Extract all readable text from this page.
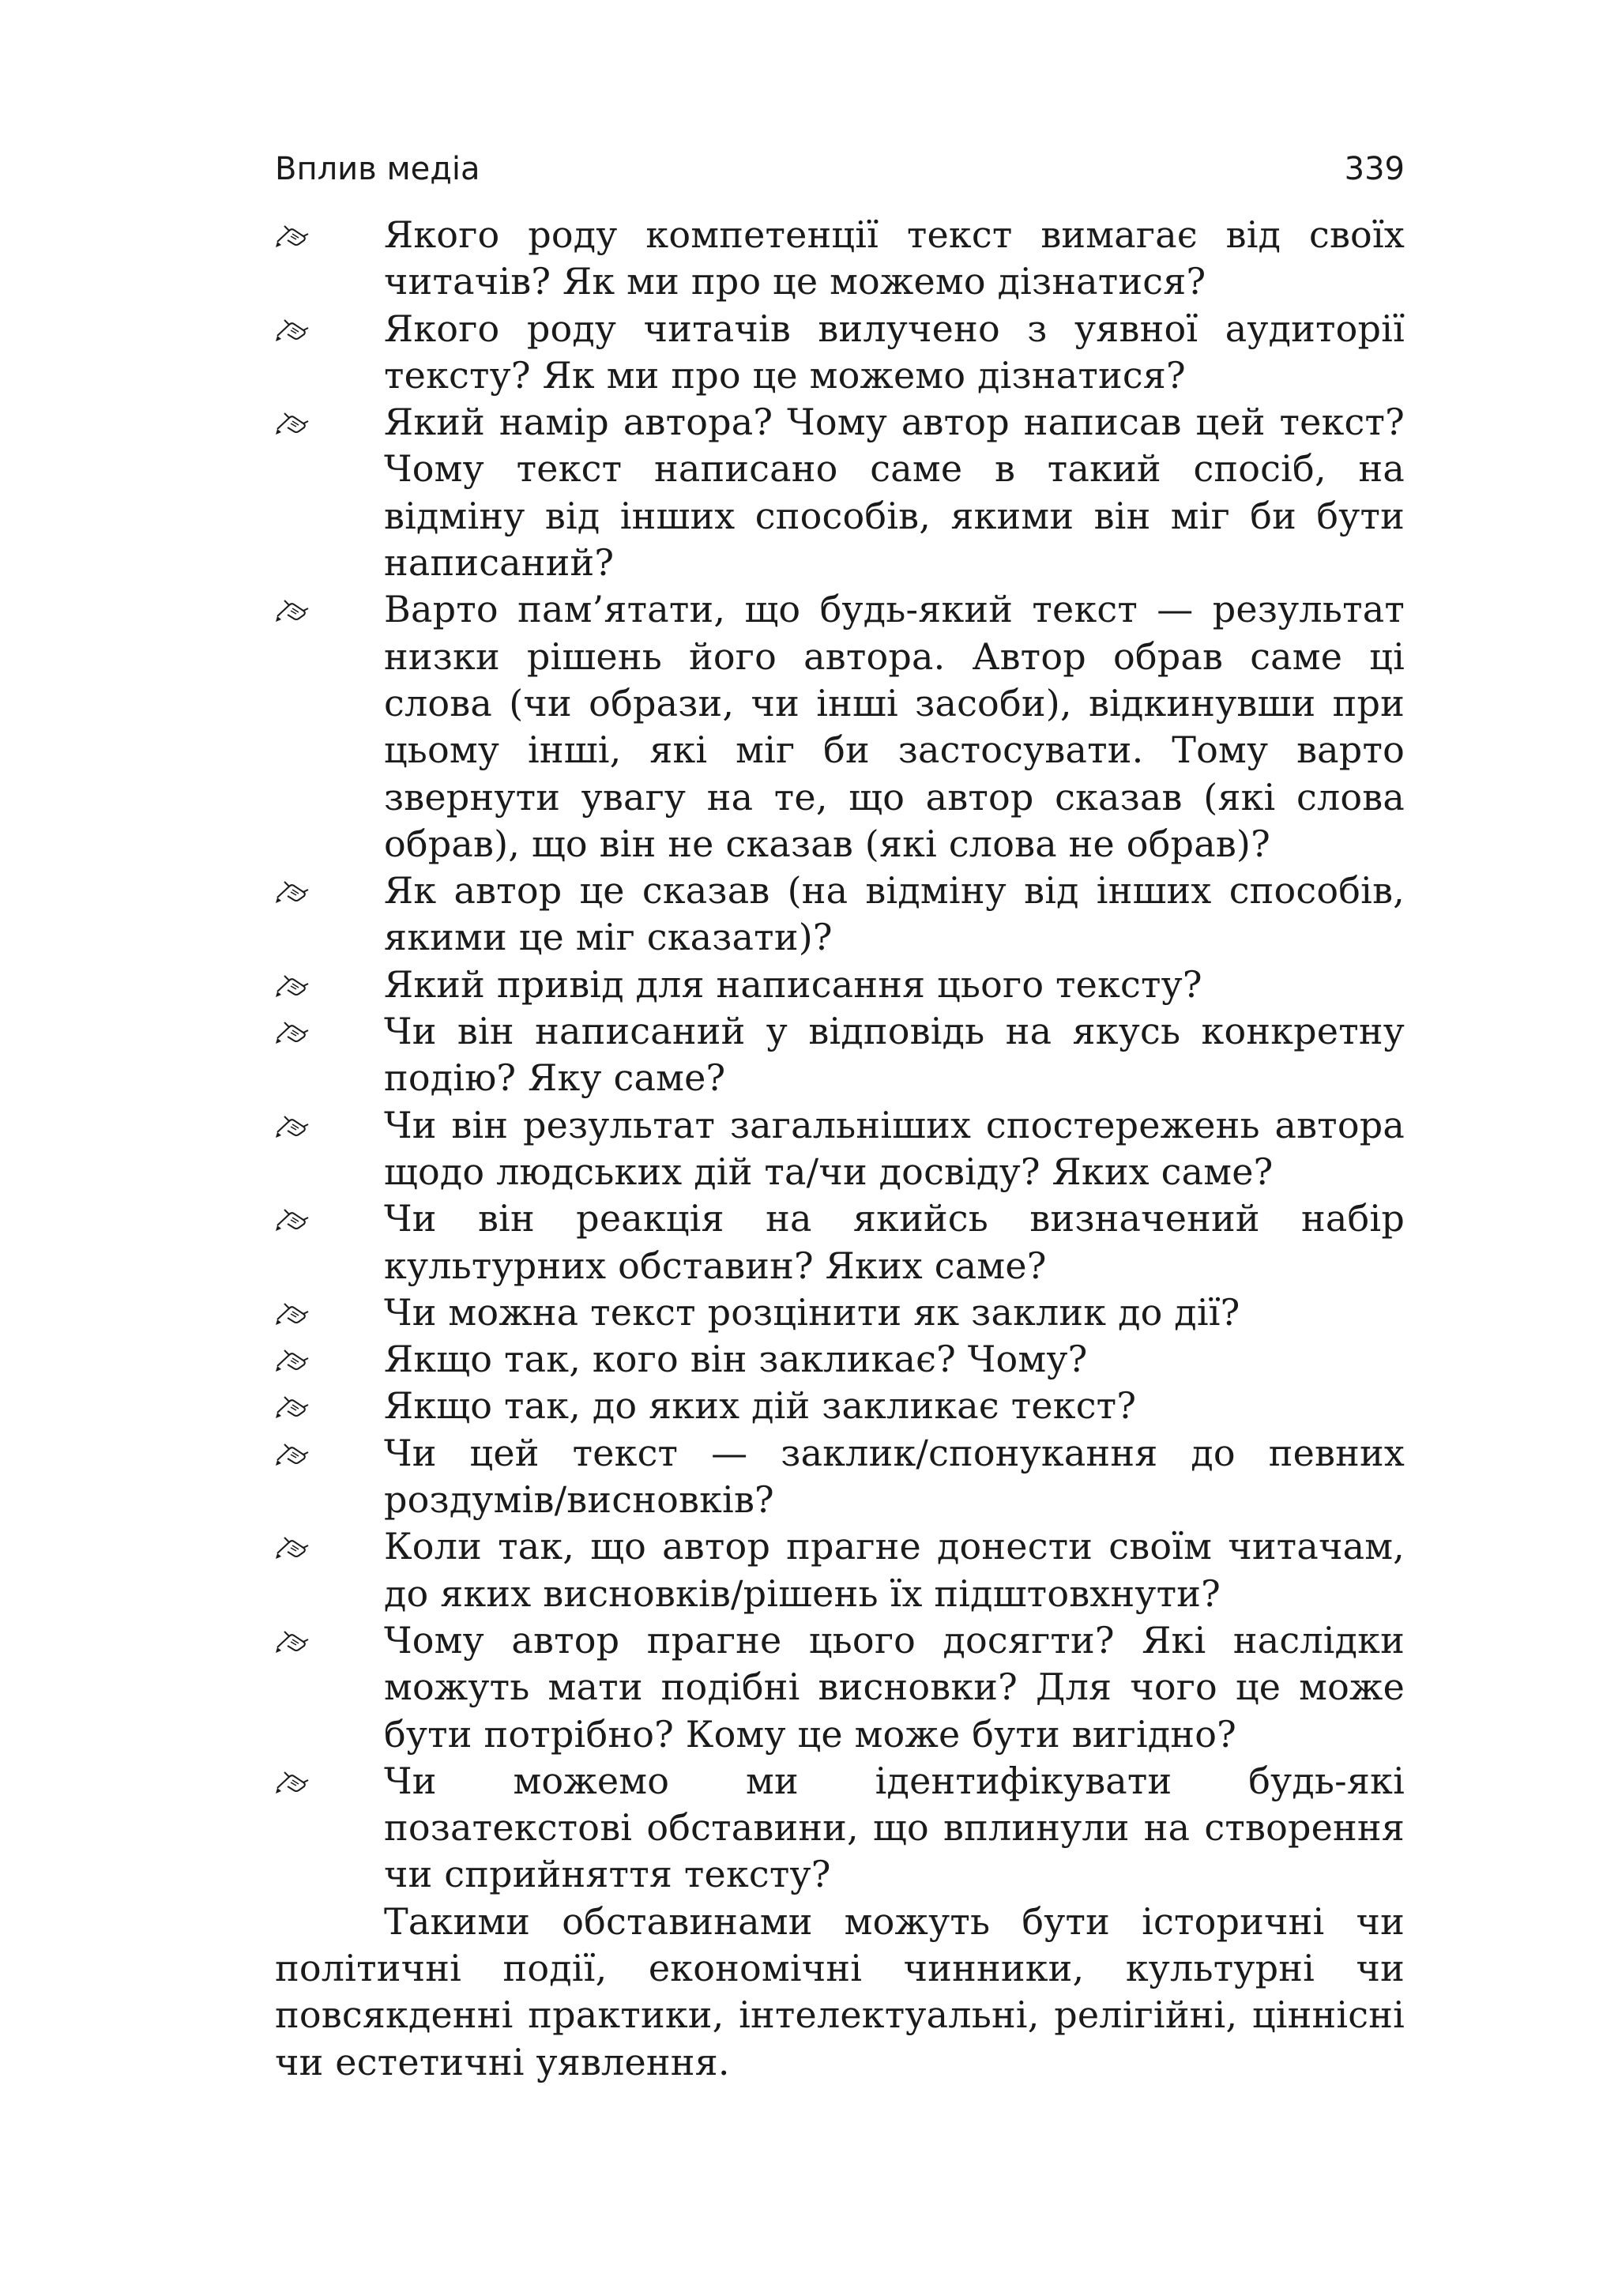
Вплив медіа	339
Якого роду компетенції текст вимагає від своїх читачів? Як ми про це можемо дізнатися?
Якого роду читачів вилучено з уявної аудиторії тексту? Як ми про це можемо дізнатися?
Який намір автора? Чому автор написав цей текст? Чому текст написано саме в такий спосіб, на відміну від інших способів, якими він міг би бути написаний?
Варто пам’ятати, що будь-який текст — результат низки рішень його автора. Автор обрав саме ці слова (чи образи, чи інші засоби), відкинувши при цьому інші, які міг би застосувати. Тому варто звернути увагу на те, що автор сказав (які слова обрав), що він не сказав (які слова не обрав)?
Як автор це сказав (на відміну від інших способів, якими це міг сказати)?
Який привід для написання цього тексту?
Чи він написаний у відповідь на якусь конкретну подію? Яку саме?
Чи він результат загальніших спостережень автора щодо людських дій та/чи досвіду? Яких саме?
Чи він реакція на якийсь визначений набір культурних обставин? Яких саме?
Чи можна текст розцінити як заклик до дії?
Якщо так, кого він закликає? Чому?
Якщо так, до яких дій закликає текст?
Чи цей текст — заклик/спонукання до певних роздумів/висновків?
Коли так, що автор прагне донести своїм читачам, до яких висновків/рішень їх підштовхнути?
Чому автор прагне цього досягти? Які наслідки можуть мати подібні висновки? Для чого це може бути потрібно? Кому це може бути вигідно?
Чи можемо ми ідентифікувати будь-які позатекстові обставини, що вплинули на створення чи сприйняття тексту?

Такими обставинами можуть бути історичні чи політичні події, економічні чинники, культурні чи повсякденні практики, інтелектуальні, релігійні, ціннісні чи естетичні уявлення.
